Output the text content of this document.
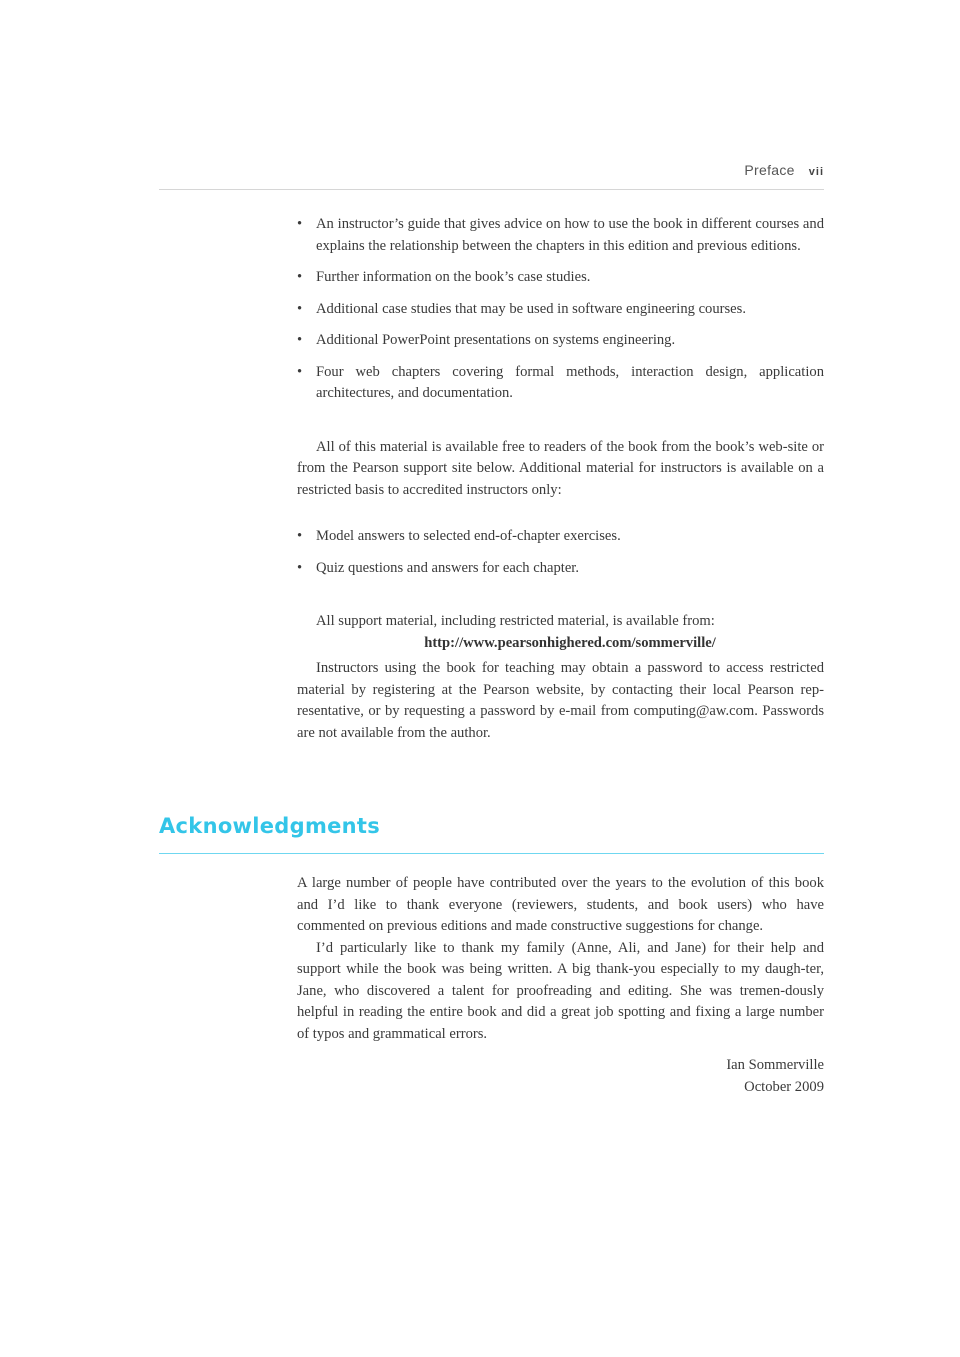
Preface vii
• An instructor’s guide that gives advice on how to use the book in different courses and explains the relationship between the chapters in this edition and previous editions.
• Further information on the book’s case studies.
• Additional case studies that may be used in software engineering courses.
• Additional PowerPoint presentations on systems engineering.
• Four web chapters covering formal methods, interaction design, application architectures, and documentation.

All of this material is available free to readers of the book from the book’s web-site or from the Pearson support site below. Additional material for instructors is available on a restricted basis to accredited instructors only:

• Model answers to selected end-of-chapter exercises.
• Quiz questions and answers for each chapter.

All support material, including restricted material, is available from:

http://www.pearsonhighered.com/sommerville/

Instructors using the book for teaching may obtain a password to access restricted material by registering at the Pearson website, by contacting their local Pearson rep-resentative, or by requesting a password by e-mail from computing@aw.com. Passwords are not available from the author.

Acknowledgments

A large number of people have contributed over the years to the evolution of this book and I’d like to thank everyone (reviewers, students, and book users) who have commented on previous editions and made constructive suggestions for change.

I’d particularly like to thank my family (Anne, Ali, and Jane) for their help and support while the book was being written. A big thank-you especially to my daugh-ter, Jane, who discovered a talent for proofreading and editing. She was tremen-dously helpful in reading the entire book and did a great job spotting and fixing a large number of typos and grammatical errors.

Ian Sommerville
October 2009
